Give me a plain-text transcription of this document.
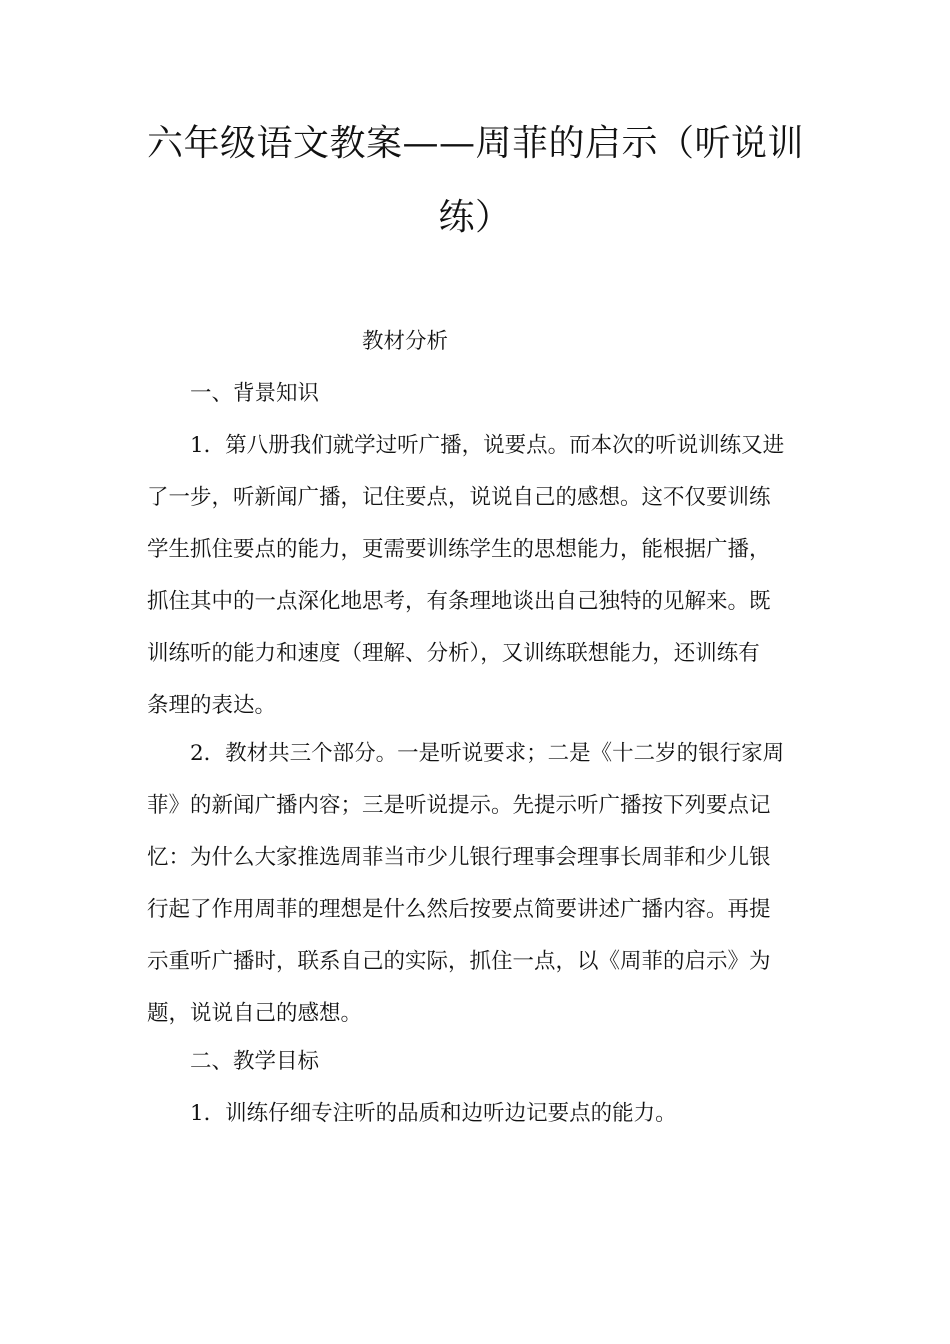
六年级语文教案——周菲的启示（听说训
练）
教材分析
一、背景知识
1．第八册我们就学过听广播，说要点。而本次的听说训练又进
了一步，听新闻广播，记住要点，说说自己的感想。这不仅要训练
学生抓住要点的能力，更需要训练学生的思想能力，能根据广播，
抓住其中的一点深化地思考，有条理地谈出自己独特的见解来。既
训练听的能力和速度（理解、分析），又训练联想能力，还训练有
条理的表达。
2．教材共三个部分。一是听说要求；二是《十二岁的银行家周
菲》的新闻广播内容；三是听说提示。先提示听广播按下列要点记
忆：为什么大家推选周菲当市少儿银行理事会理事长周菲和少儿银
行起了作用周菲的理想是什么然后按要点简要讲述广播内容。再提
示重听广播时，联系自己的实际，抓住一点，以《周菲的启示》为
题，说说自己的感想。
二、教学目标
1．训练仔细专注听的品质和边听边记要点的能力。
